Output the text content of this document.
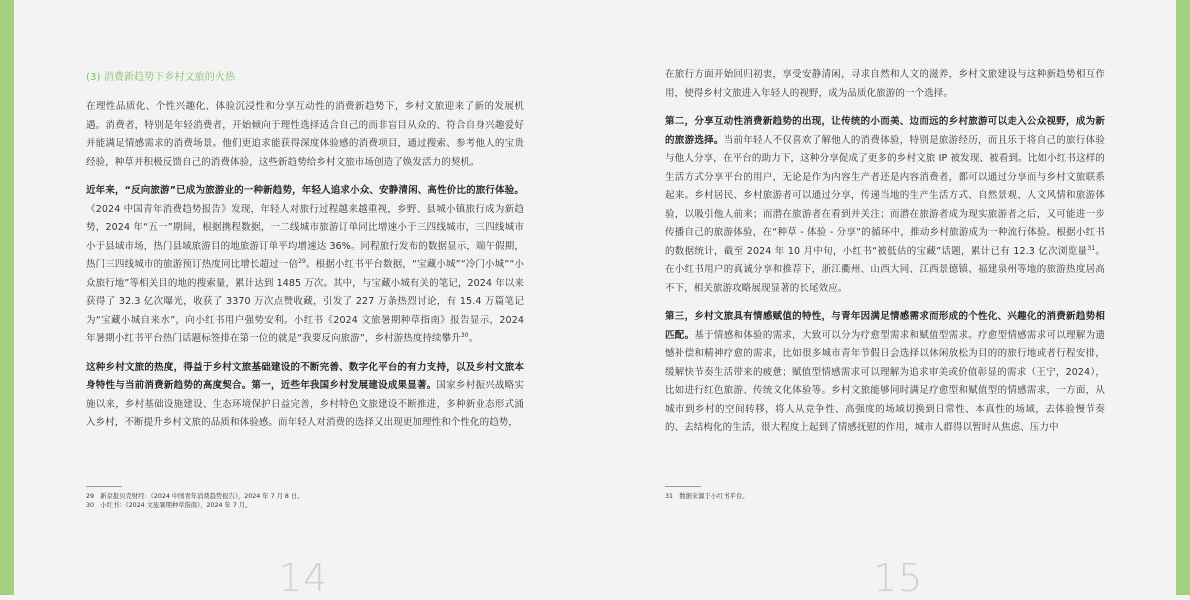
(3) 消费新趋势下乡村文旅的火热
在理性品质化、个性兴趣化、体验沉浸性和分享互动性的消费新趋势下，乡村文旅迎来了新的发展机遇。消费者，特别是年轻消费者，开始倾向于理性选择适合自己的而非盲目从众的、符合自身兴趣爱好并能满足情感需求的消费场景。他们更追求能获得深度体验感的消费项目，通过搜索、参考他人的宝贵经验，种草并积极反馈自己的消费体验，这些新趋势给乡村文旅市场创造了焕发活力的契机。
近年来，“反向旅游”已成为旅游业的一种新趋势，年轻人追求小众、安静清闲、高性价比的旅行体验。《2024 中国青年消费趋势报告》发现，年轻人对旅行过程越来越重视，乡野、县城小镇旅行成为新趋势，2024 年“五一”期间，根据携程数据，一二线城市旅游订单同比增速小于三四线城市，三四线城市小于县域市场，热门县域旅游目的地旅游订单平均增速达 36%。同程旅行发布的数据显示，端午假期，热门三四线城市的旅游预订热度同比增长超过一倍$^{29}$。根据小红书平台数据，“宝藏小城”“冷门小城”“小众旅行地”等相关目的地的搜索量，累计达到 1485 万次。其中，与宝藏小城有关的笔记，2024 年以来获得了 32.3 亿次曝光，收获了 3370 万次点赞收藏，引发了 227 万条热烈讨论，有 15.4 万篇笔记为“宝藏小城自来水”，向小红书用户强势安利。小红书《2024 文旅暑期种草指南》报告显示，2024 年暑期小红书平台热门话题标签排在第一位的就是“我要反向旅游”，乡村游热度持续攀升$^{30}$。
这种乡村文旅的热度，得益于乡村文旅基础建设的不断完善、数字化平台的有力支持，以及乡村文旅本身特性与当前消费新趋势的高度契合。第一，近些年我国乡村发展建设成果显著。国家乡村振兴战略实施以来，乡村基础设施建设、生态环境保护日益完善，乡村特色文旅建设不断推进，多种新业态形式涌入乡村，不断提升乡村文旅的品质和体验感。而年轻人对消费的选择又出现更加理性和个性化的趋势，
29　新京报贝壳财经：《2024 中国青年消费趋势报告》，2024 年 7 月 8 日。
30　小红书：《2024 文旅暑期种草指南》，2024 年 7 月。
14
在旅行方面开始回归初衷，享受安静清闲，寻求自然和人文的滋养，乡村文旅建设与这种新趋势相互作用，使得乡村文旅进入年轻人的视野，成为品质化旅游的一个选择。
第二，分享互动性消费新趋势的出现，让传统的小而美、边而远的乡村旅游可以走入公众视野，成为新的旅游选择。当前年轻人不仅喜欢了解他人的消费体验，特别是旅游经历，而且乐于将自己的旅行体验与他人分享，在平台的助力下，这种分享促成了更多的乡村文旅 IP 被发现、被看到。比如小红书这样的生活方式分享平台的用户，无论是作为内容生产者还是内容消费者，都可以通过分享而与乡村文旅联系起来。乡村居民、乡村旅游者可以通过分享，传递当地的生产生活方式、自然景观、人文风情和旅游体验，以吸引他人前来；而潜在旅游者在看到并关注；而潜在旅游者成为现实旅游者之后，又可能进一步传播自己的旅游体验，在“种草 - 体验 - 分享”的循环中，推动乡村旅游成为一种流行体验。根据小红书的数据统计，截至 2024 年 10 月中旬，小红书“被低估的宝藏”话题，累计已有 12.3 亿次浏览量$^{31}$。在小红书用户的真诚分享和推荐下，浙江衢州、山西大同、江西景德镇、福建泉州等地的旅游热度居高不下，相关旅游攻略展现显著的长尾效应。
第三，乡村文旅具有情感赋值的特性，与青年因满足情感需求而形成的个性化、兴趣化的消费新趋势相匹配。基于情感和体验的需求，大致可以分为疗愈型需求和赋值型需求。疗愈型情感需求可以理解为遗憾补偿和精神疗愈的需求，比如很多城市青年节假日会选择以休闲放松为目的的旅行地或者行程安排，缓解快节奏生活带来的疲惫；赋值型情感需求可以理解为追求审美或价值彰显的需求（王宁，2024），比如进行红色旅游、传统文化体验等。乡村文旅能够同时满足疗愈型和赋值型的情感需求，一方面，从城市到乡村的空间转移，将人从竞争性、高强度的场域切换到日常性、本真性的场域，去体验慢节奏的、去结构化的生活，很大程度上起到了情感抚慰的作用，城市人群得以暂时从焦虑、压力中
31　数据来源于小红书平台。
15
